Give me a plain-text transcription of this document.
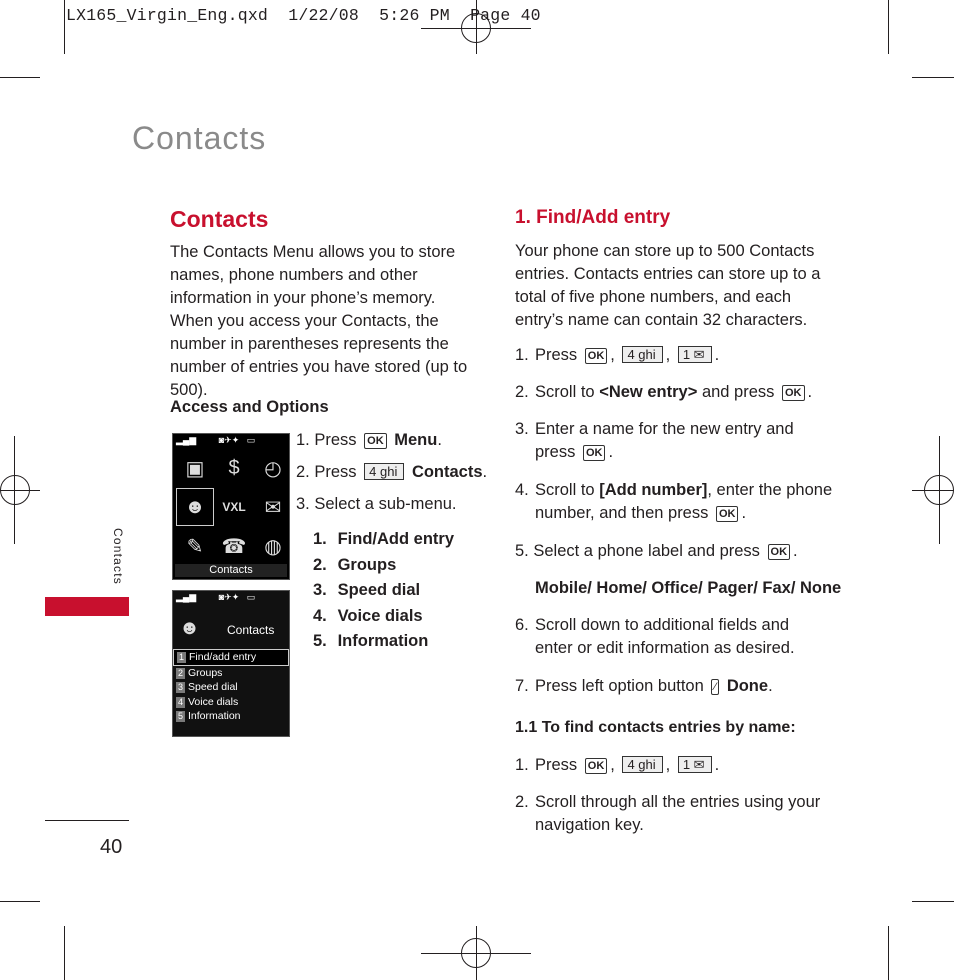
LX165_Virgin_Eng.qxd  1/22/08  5:26 PM  Page 40
Contacts
Contacts
The Contacts Menu allows you to store names, phone numbers and other information in your phone’s memory. When you access your Contacts, the number in parentheses represents the number of entries you have stored (up to 500).
Access and Options
1. Press OK Menu.
2. Press 4 ghi Contacts.
3. Select a sub-menu.
1. Find/Add entry
2. Groups
3. Speed dial
4. Voice dials
5. Information
▂▄▆         ◙✈✦   ▭
▣	$	◴
☻	VXL ✉
✎ ☎ ◍
Contacts
▂▄▆         ◙✈✦   ▭
☻ Contacts
1 Find/add entry
2 Groups
3 Speed dial
4 Voice dials
5 Information
Contacts
40
1. Find/Add entry
Your phone can store up to 500 Contacts entries. Contacts entries can store up to a total of five phone numbers, and each entry’s name can contain 32 characters.
1. Press OK , 4 ghi , 1 ✉ .
2. Scroll to <New entry> and press OK .
3. Enter a name for the new entry and
press OK .
4. Scroll to [Add number], enter the phone
number, and then press OK .
5. Select a phone label and press OK .
Mobile/ Home/ Office/ Pager/ Fax/ None
6. Scroll down to additional fields and
enter or edit information as desired.
7. Press left option button ⁄ Done.
1.1 To find contacts entries by name:
1. Press OK , 4 ghi , 1 ✉ .
2. Scroll through all the entries using your
navigation key.
